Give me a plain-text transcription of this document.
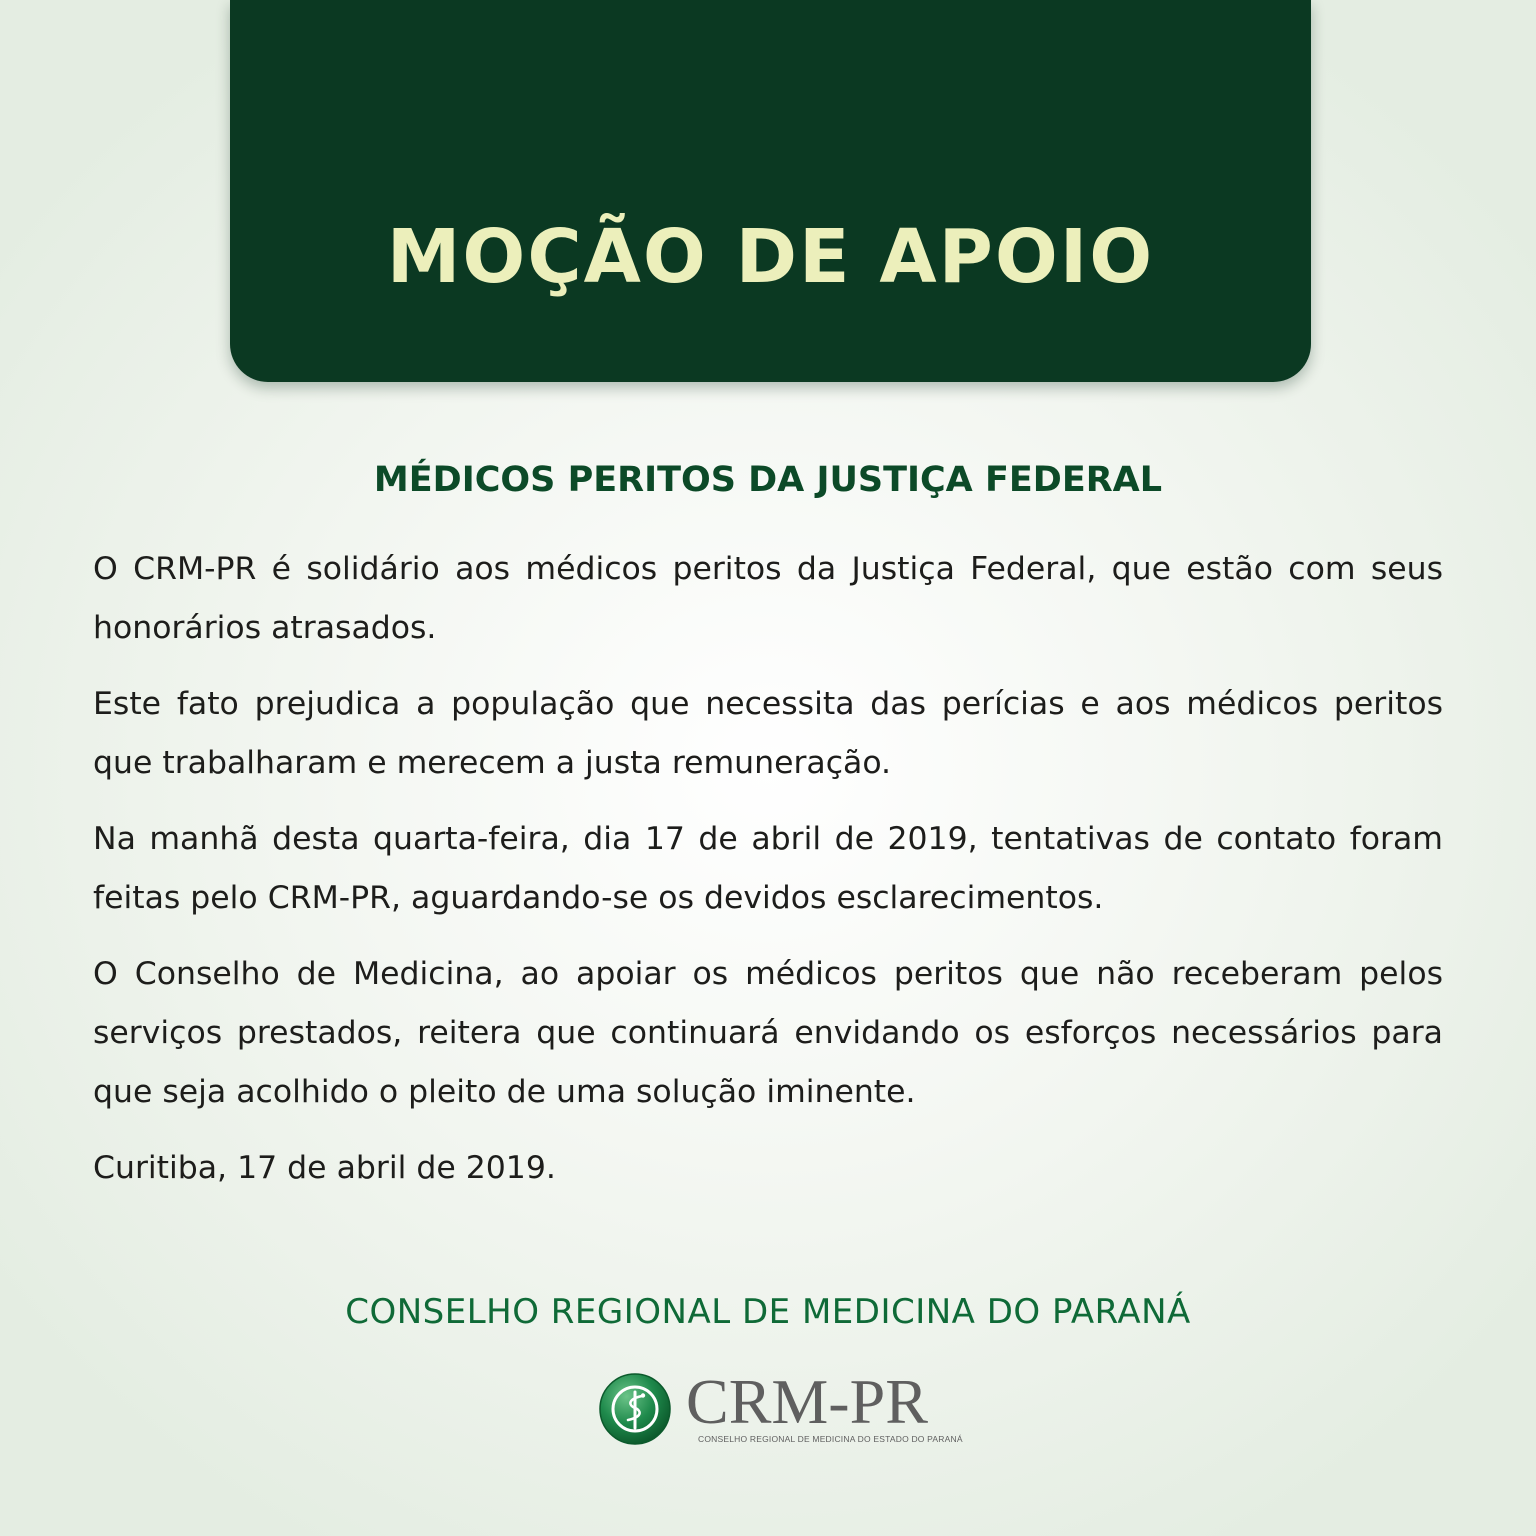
MOÇÃO DE APOIO
MÉDICOS PERITOS DA JUSTIÇA FEDERAL

O CRM-PR é solidário aos médicos peritos da Justiça Federal, que estão com seus honorários atrasados.

Este fato prejudica a população que necessita das perícias e aos médicos peritos que trabalharam e merecem a justa remuneração.

Na manhã desta quarta-feira, dia 17 de abril de 2019, tentativas de contato foram feitas pelo CRM-PR, aguardando-se os devidos esclarecimentos.

O Conselho de Medicina, ao apoiar os médicos peritos que não receberam pelos serviços prestados, reitera que continuará envidando os esforços necessários para que seja acolhido o pleito de uma solução iminente.

Curitiba, 17 de abril de 2019.

CONSELHO REGIONAL DE MEDICINA DO PARANÁ

CRM-PR
CONSELHO REGIONAL DE MEDICINA DO ESTADO DO PARANÁ
